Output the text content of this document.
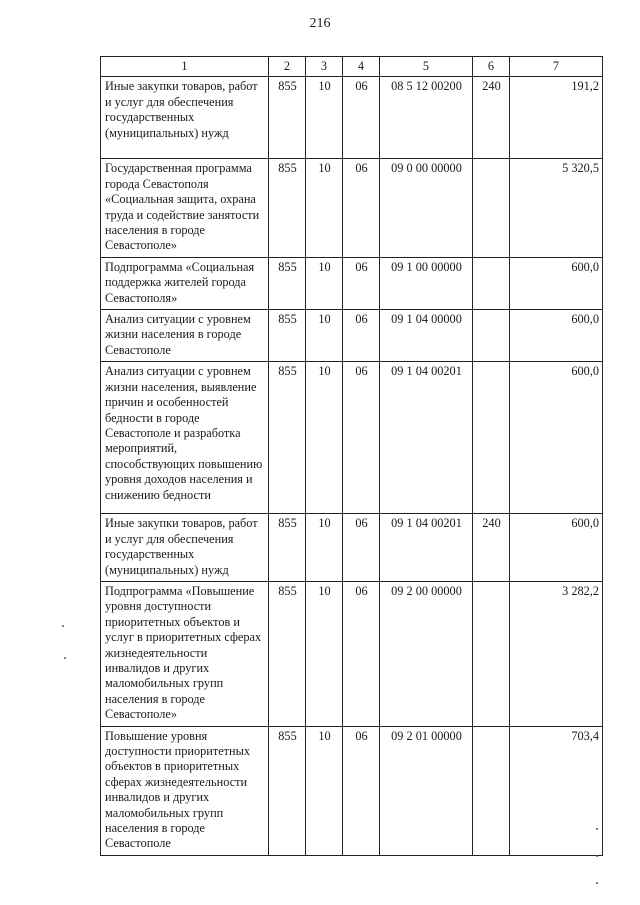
216
1	2	3	4	5	6	7
Иные закупки товаров, работ и услуг для обеспечения государственных (муниципальных) нужд	855	10	06	08 5 12 00200	240	191,2
Государственная программа города Севастополя «Социальная защита, охрана труда и содействие занятости населения в городе Севастополе»	855	10	06	09 0 00 00000		5 320,5
Подпрограмма «Социальная поддержка жителей города Севастополя»	855	10	06	09 1 00 00000		600,0
Анализ ситуации с уровнем жизни населения в городе Севастополе	855	10	06	09 1 04 00000		600,0
Анализ ситуации с уровнем жизни населения, выявление причин и особенностей бедности в городе Севастополе и разработка мероприятий, способствующих повышению уровня доходов населения и снижению бедности	855	10	06	09 1 04 00201		600,0
Иные закупки товаров, работ и услуг для обеспечения государственных (муниципальных) нужд	855	10	06	09 1 04 00201	240	600,0
Подпрограмма «Повышение уровня доступности приоритетных объектов и услуг в приоритетных сферах жизнедеятельности инвалидов и других маломобильных групп населения в городе Севастополе»	855	10	06	09 2 00 00000		3 282,2
Повышение уровня доступности приоритетных объектов в приоритетных сферах жизнедеятельности инвалидов и других маломобильных групп населения в городе Севастополе	855	10	06	09 2 01 00000		703,4
